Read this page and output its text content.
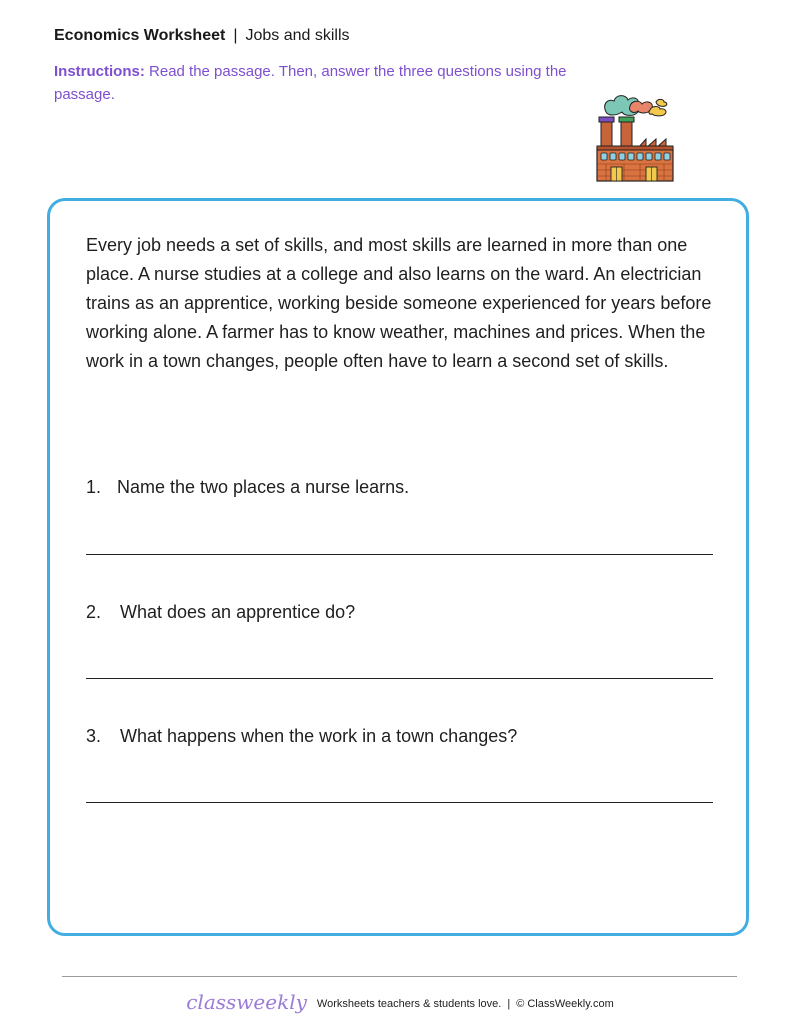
Economics Worksheet | Jobs and skills
Instructions: Read the passage. Then, answer the three questions using the passage.
Every job needs a set of skills, and most skills are learned in more than one place. A nurse studies at a college and also learns on the ward. An electrician trains as an apprentice, working beside someone experienced for years before working alone. A farmer has to know weather, machines and prices. When the work in a town changes, people often have to learn a second set of skills.
1. Name the two places a nurse learns.
2. What does an apprentice do?
3. What happens when the work in a town changes?
classweekly Worksheets teachers & students love. | © ClassWeekly.com
